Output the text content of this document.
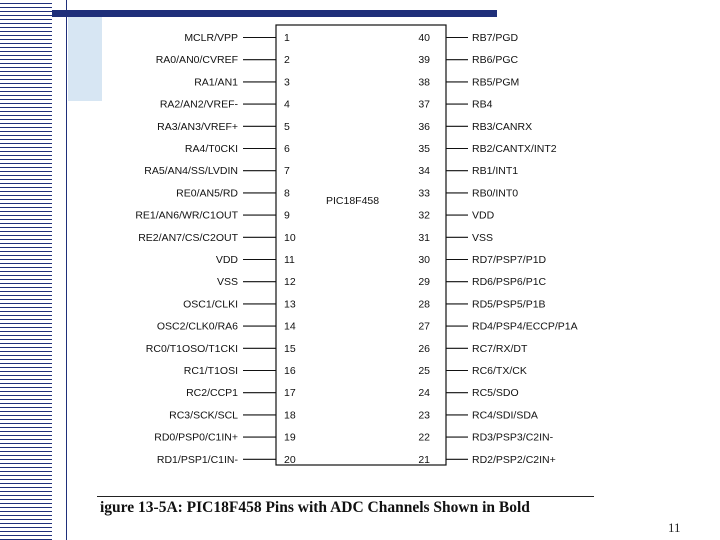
PIC18F458
MCLR/VPP	1
RA0/AN0/CVREF	2
RA1/AN1	3
RA2/AN2/VREF-	4
RA3/AN3/VREF+	5
RA4/T0CKI	6
RA5/AN4/SS/LVDIN	7
RE0/AN5/RD	8
RE1/AN6/WR/C1OUT	9
RE2/AN7/CS/C2OUT	10
VDD	11
VSS	12
OSC1/CLKI	13
OSC2/CLK0/RA6	14
RC0/T1OSO/T1CKI	15
RC1/T1OSI	16
RC2/CCP1	17
RC3/SCK/SCL	18
RD0/PSP0/C1IN+	19
RD1/PSP1/C1IN-	20
40	RB7/PGD
39	RB6/PGC
38	RB5/PGM
37	RB4
36	RB3/CANRX
35	RB2/CANTX/INT2
34	RB1/INT1
33	RB0/INT0
32	VDD
31	VSS
30	RD7/PSP7/P1D
29	RD6/PSP6/P1C
28	RD5/PSP5/P1B
27	RD4/PSP4/ECCP/P1A
26	RC7/RX/DT
25	RC6/TX/CK
24	RC5/SDO
23	RC4/SDI/SDA
22	RD3/PSP3/C2IN-
21	RD2/PSP2/C2IN+
igure 13-5A: PIC18F458 Pins with ADC Channels Shown in Bold
11
